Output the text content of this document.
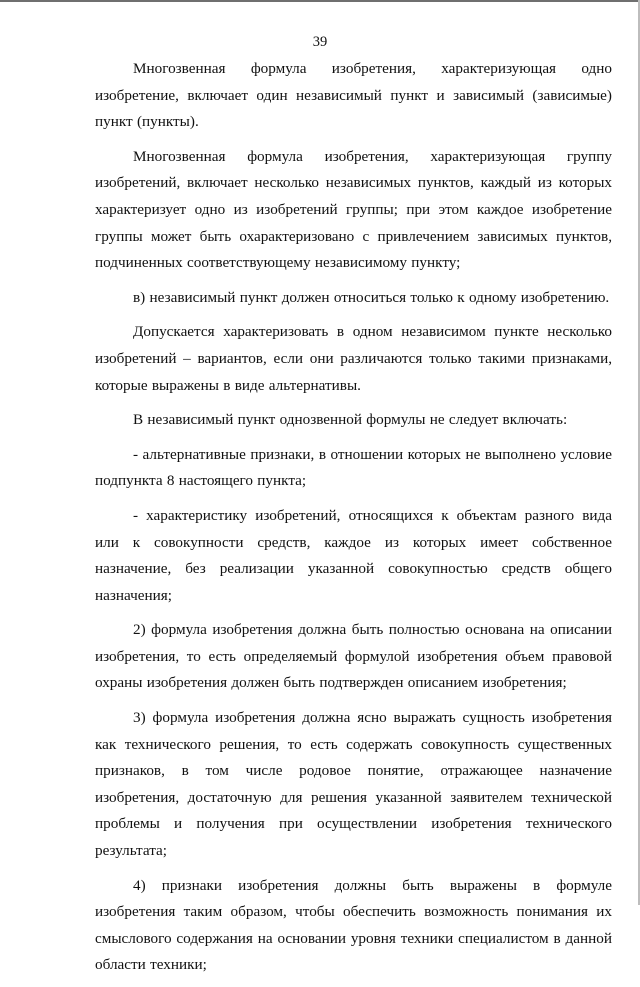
39

Многозвенная формула изобретения, характеризующая одно изобретение, включает один независимый пункт и зависимый (зависимые) пункт (пункты).

Многозвенная формула изобретения, характеризующая группу изобретений, включает несколько независимых пунктов, каждый из которых характеризует одно из изобретений группы; при этом каждое изобретение группы может быть охарактеризовано с привлечением зависимых пунктов, подчиненных соответствующему независимому пункту;

в) независимый пункт должен относиться только к одному изобретению.

Допускается характеризовать в одном независимом пункте несколько изобретений – вариантов, если они различаются только такими признаками, которые выражены в виде альтернативы.

В независимый пункт однозвенной формулы не следует включать:

- альтернативные признаки, в отношении которых не выполнено условие подпункта 8 настоящего пункта;

- характеристику изобретений, относящихся к объектам разного вида или к совокупности средств, каждое из которых имеет собственное назначение, без реализации указанной совокупностью средств общего назначения;

2) формула изобретения должна быть полностью основана на описании изобретения, то есть определяемый формулой изобретения объем правовой охраны изобретения должен быть подтвержден описанием изобретения;

3) формула изобретения должна ясно выражать сущность изобретения как технического решения, то есть содержать совокупность существенных признаков, в том числе родовое понятие, отражающее назначение изобретения, достаточную для решения указанной заявителем технической проблемы и получения при осуществлении изобретения технического результата;

4) признаки изобретения должны быть выражены в формуле изобретения таким образом, чтобы обеспечить возможность понимания их смыслового содержания на основании уровня техники специалистом в данной области техники;
